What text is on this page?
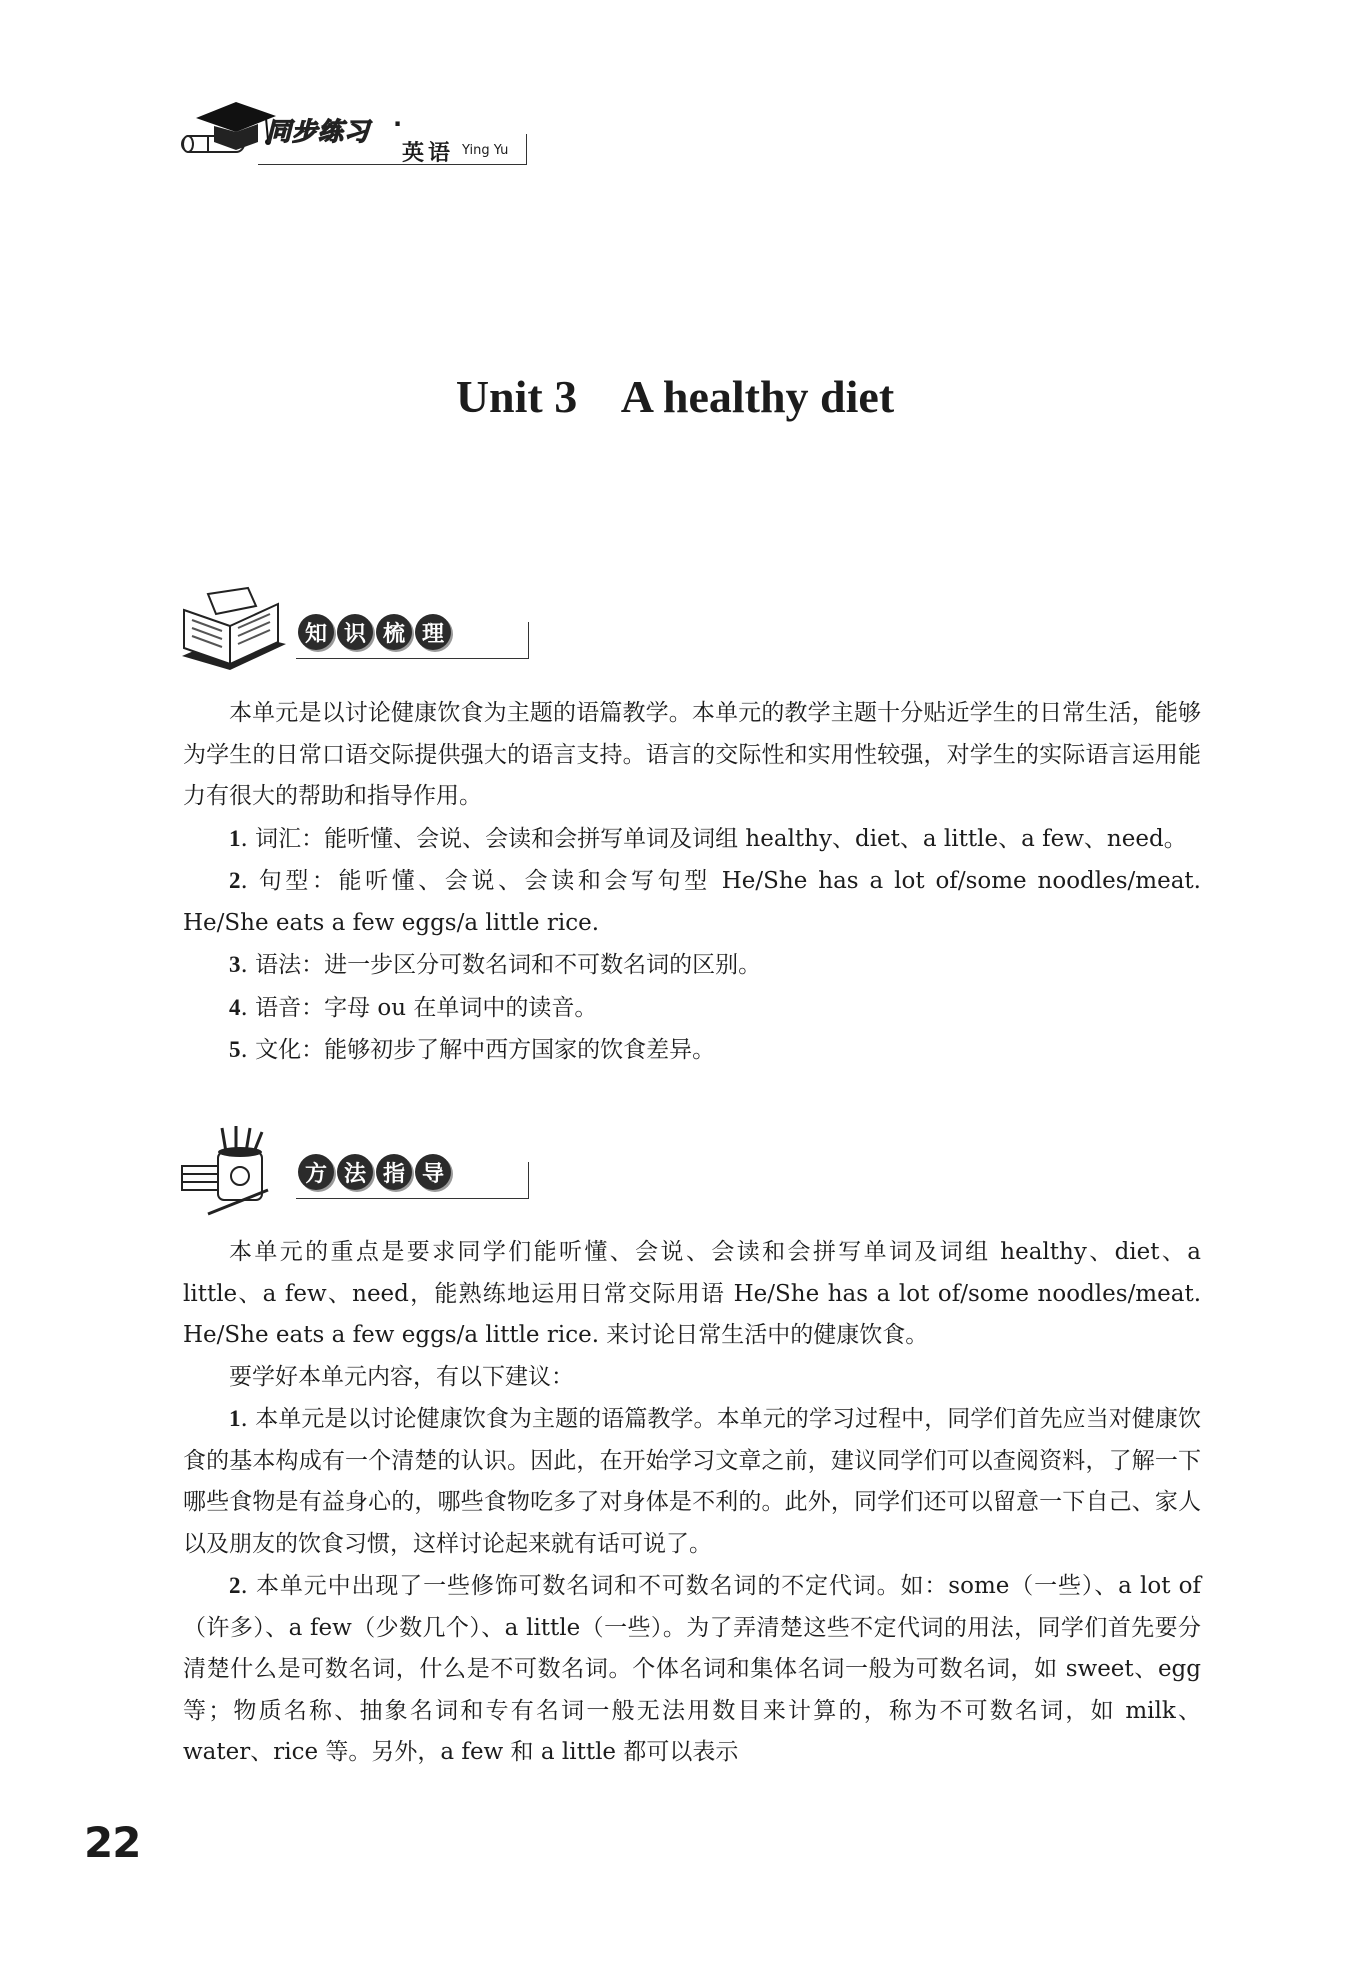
同步练习 ·
英语 Ying Yu
Unit 3    A healthy diet
知 识 梳 理

本单元是以讨论健康饮食为主题的语篇教学。本单元的教学主题十分贴近学生的日常生活，能够为学生的日常口语交际提供强大的语言支持。语言的交际性和实用性较强，对学生的实际语言运用能力有很大的帮助和指导作用。

1. 词汇：能听懂、会说、会读和会拼写单词及词组 healthy、diet、a little、a few、need。

2. 句型：能听懂、会说、会读和会写句型 He/She has a lot of/some noodles/meat. He/She eats a few eggs/a little rice.

3. 语法：进一步区分可数名词和不可数名词的区别。

4. 语音：字母 ou 在单词中的读音。

5. 文化：能够初步了解中西方国家的饮食差异。

方 法 指 导

本单元的重点是要求同学们能听懂、会说、会读和会拼写单词及词组 healthy、diet、a little、a few、need，能熟练地运用日常交际用语 He/She has a lot of/some noodles/meat. He/She eats a few eggs/a little rice. 来讨论日常生活中的健康饮食。

要学好本单元内容，有以下建议：

1. 本单元是以讨论健康饮食为主题的语篇教学。本单元的学习过程中，同学们首先应当对健康饮食的基本构成有一个清楚的认识。因此，在开始学习文章之前，建议同学们可以查阅资料，了解一下哪些食物是有益身心的，哪些食物吃多了对身体是不利的。此外，同学们还可以留意一下自己、家人以及朋友的饮食习惯，这样讨论起来就有话可说了。

2. 本单元中出现了一些修饰可数名词和不可数名词的不定代词。如：some（一些）、a lot of（许多）、a few（少数几个）、a little（一些）。为了弄清楚这些不定代词的用法，同学们首先要分清楚什么是可数名词，什么是不可数名词。个体名词和集体名词一般为可数名词，如 sweet、egg 等；物质名称、抽象名词和专有名词一般无法用数目来计算的，称为不可数名词，如 milk、water、rice 等。另外，a few 和 a little 都可以表示

22
